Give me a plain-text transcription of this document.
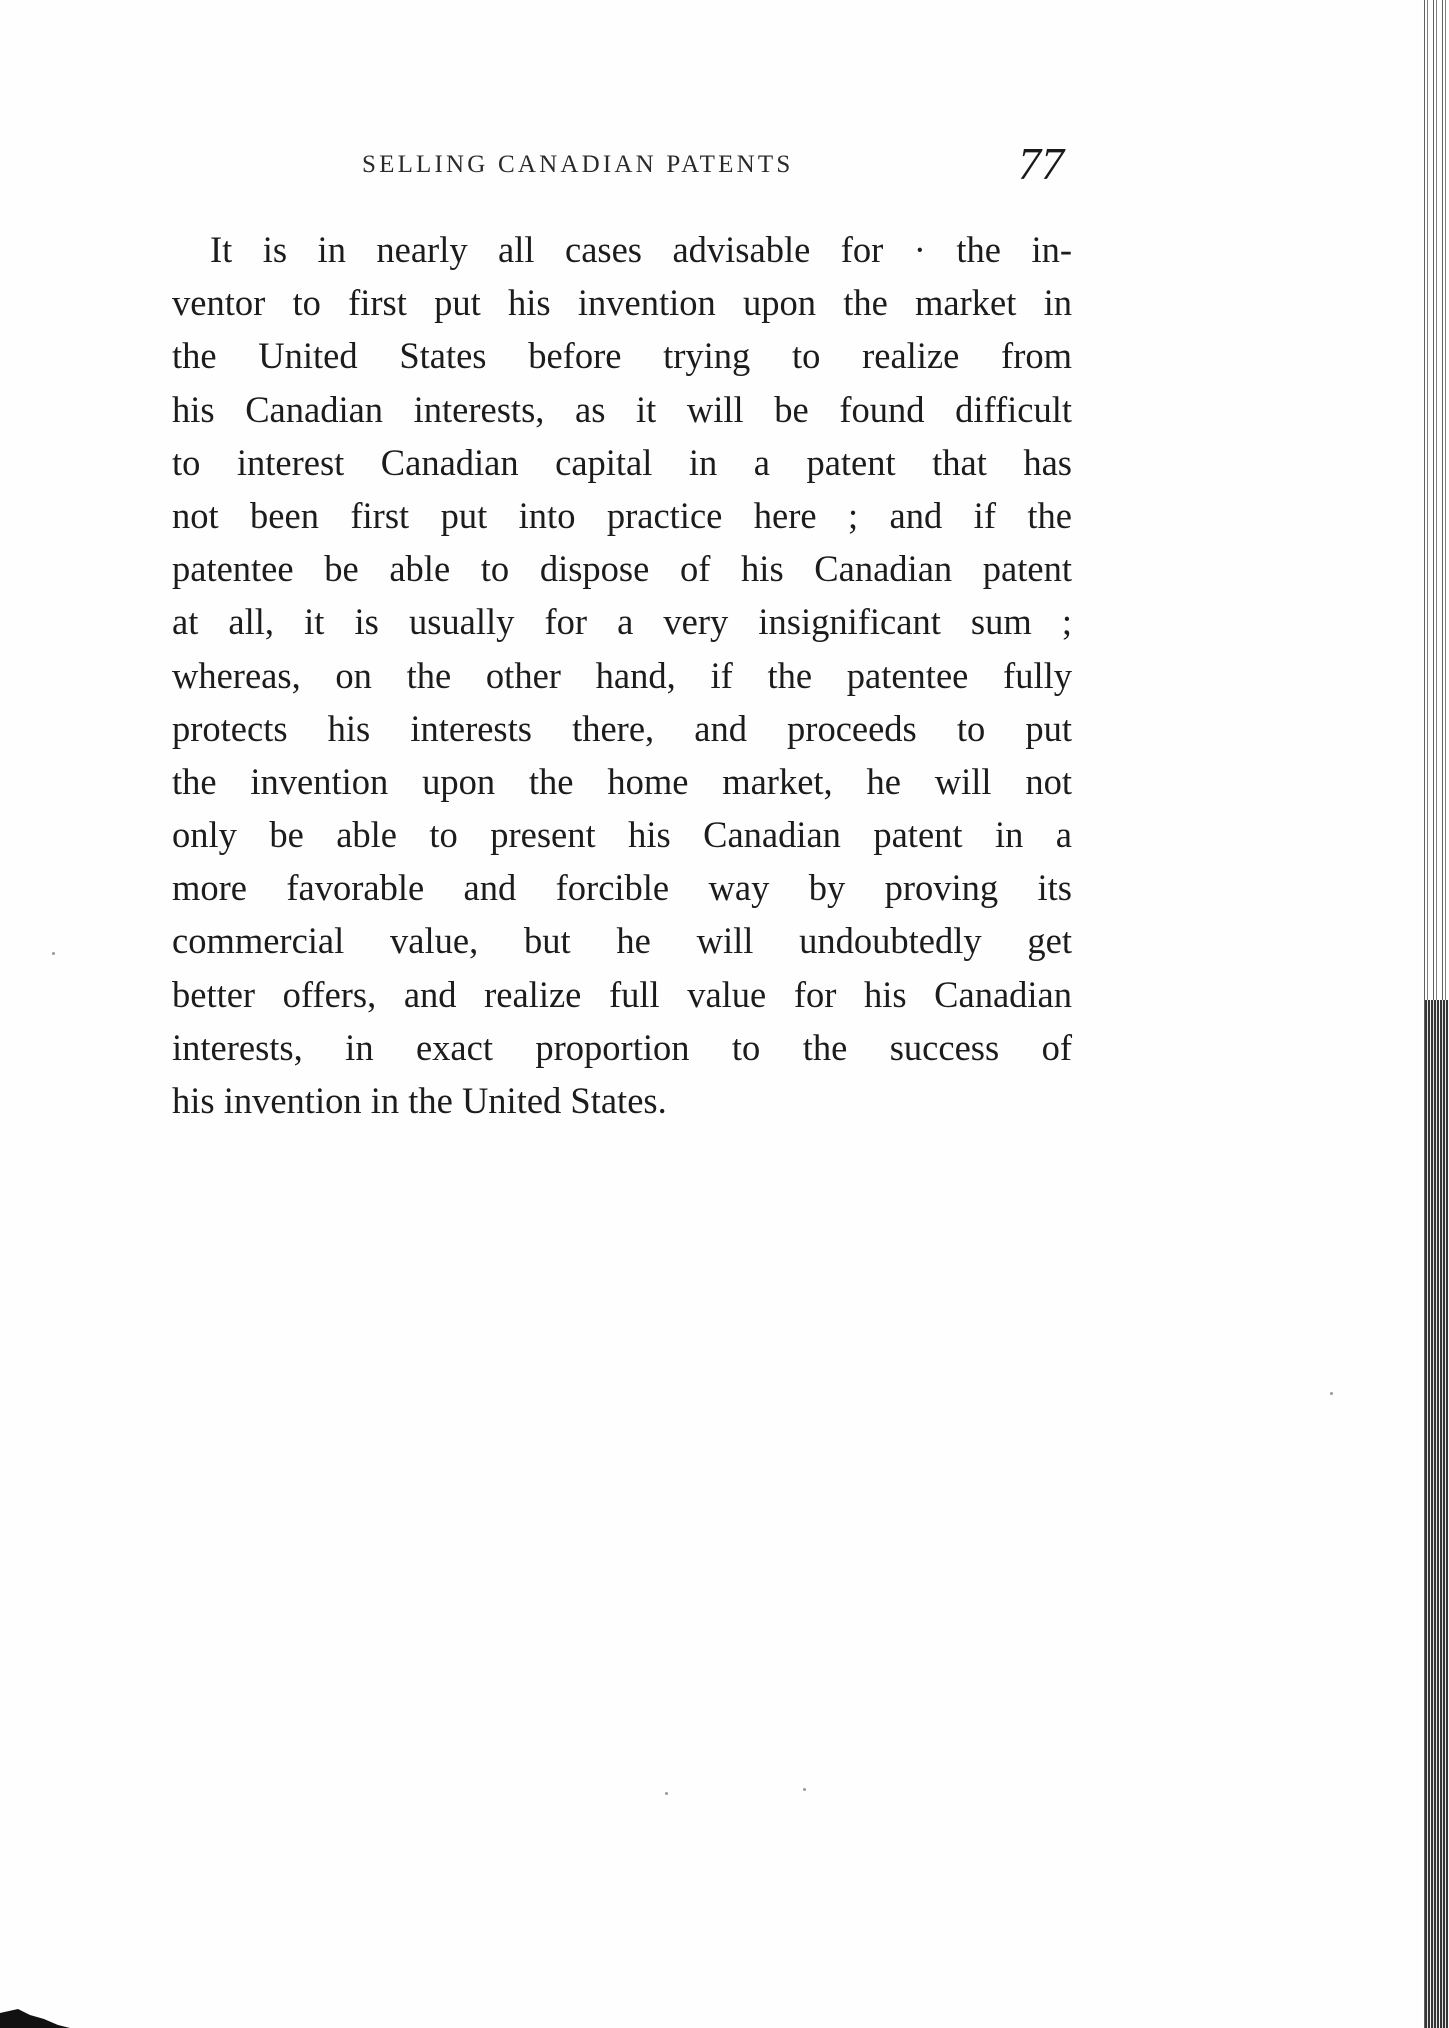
SELLING CANADIAN PATENTS	77
It is in nearly all cases advisable for · the in-
ventor to first put his invention upon the market in
the United States before trying to realize from
his Canadian interests, as it will be found difficult
to interest Canadian capital in a patent that has
not been first put into practice here ; and if the
patentee be able to dispose of his Canadian patent
at all, it is usually for a very insignificant sum ;
whereas, on the other hand, if the patentee fully
protects his interests there, and proceeds to put
the invention upon the home market, he will not
only be able to present his Canadian patent in a
more favorable and forcible way by proving its
commercial value, but he will undoubtedly get
better offers, and realize full value for his Canadian
interests, in exact proportion to the success of
his invention in the United States.
